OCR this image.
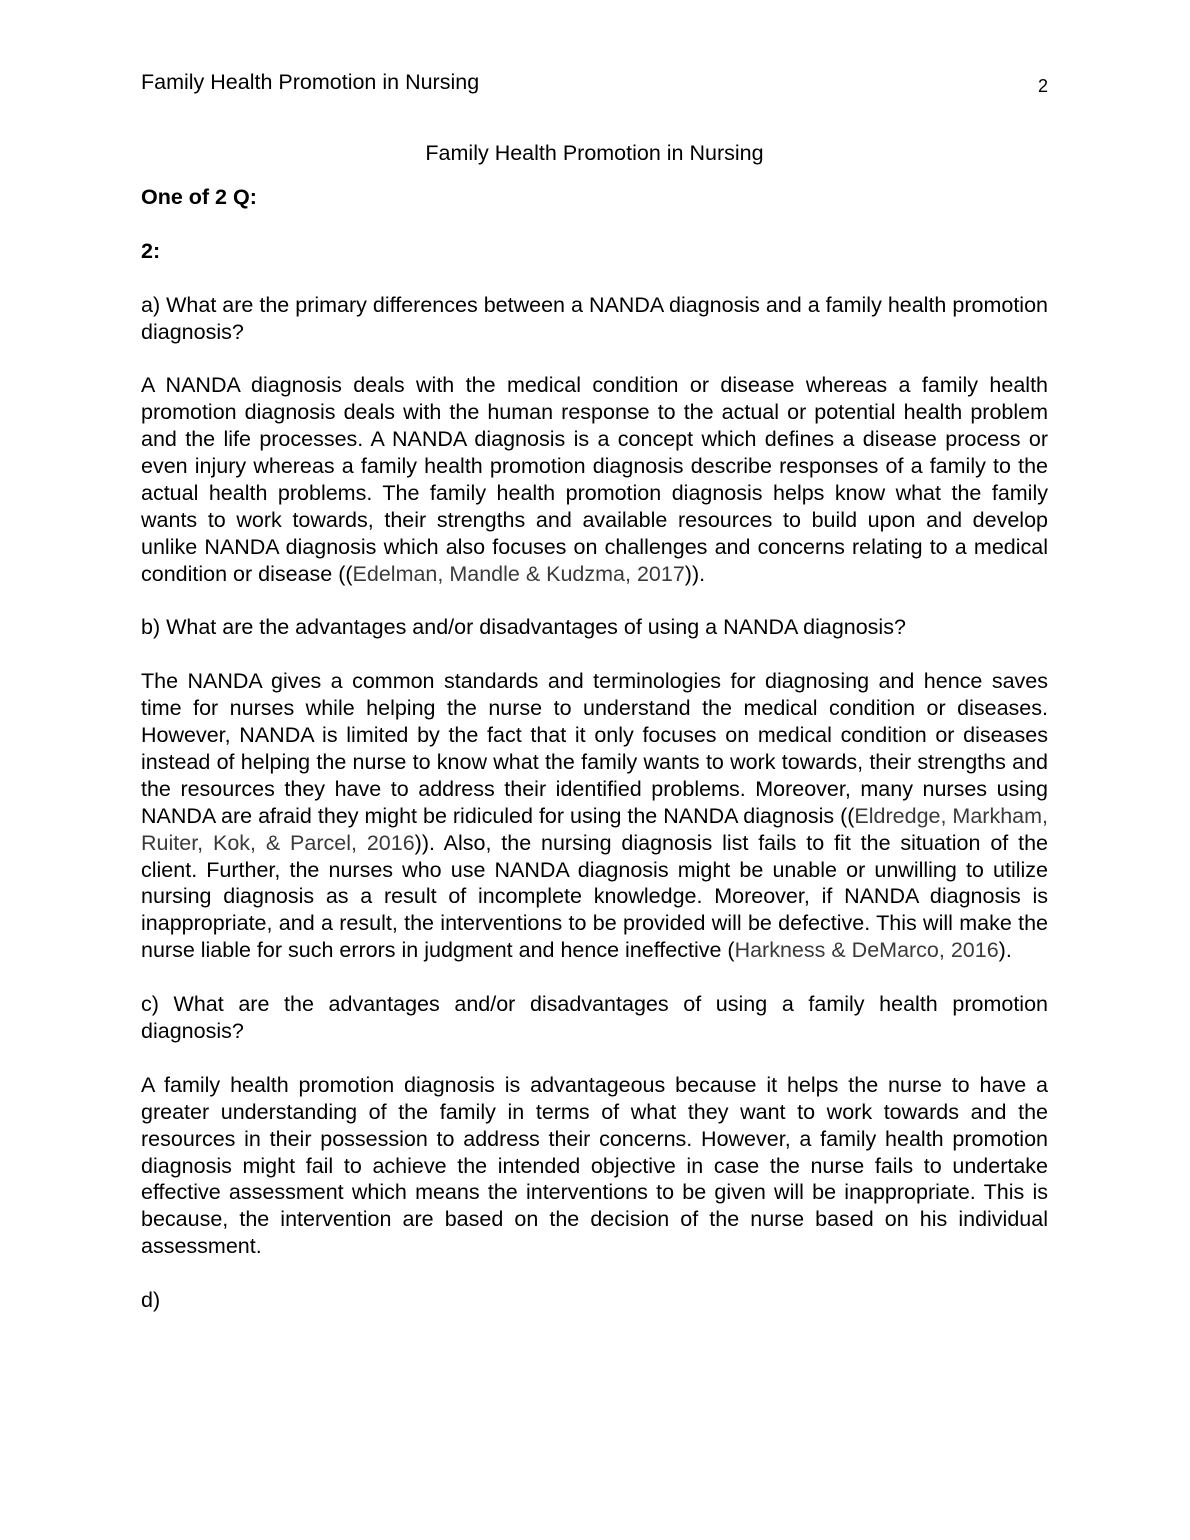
Family Health Promotion in Nursing	2
Family Health Promotion in Nursing

One of 2 Q:

2:

a) What are the primary differences between a NANDA diagnosis and a family health promotion diagnosis?

A NANDA diagnosis deals with the medical condition or disease whereas a family health promotion diagnosis deals with the human response to the actual or potential health problem and the life processes. A NANDA diagnosis is a concept which defines a disease process or even injury whereas a family health promotion diagnosis describe responses of a family to the actual health problems. The family health promotion diagnosis helps know what the family wants to work towards, their strengths and available resources to build upon and develop unlike NANDA diagnosis which also focuses on challenges and concerns relating to a medical condition or disease ((Edelman, Mandle & Kudzma, 2017)).

b) What are the advantages and/or disadvantages of using a NANDA diagnosis?

The NANDA gives a common standards and terminologies for diagnosing and hence saves time for nurses while helping the nurse to understand the medical condition or diseases. However, NANDA is limited by the fact that it only focuses on medical condition or diseases instead of helping the nurse to know what the family wants to work towards, their strengths and the resources they have to address their identified problems. Moreover, many nurses using NANDA are afraid they might be ridiculed for using the NANDA diagnosis ((Eldredge, Markham, Ruiter, Kok, & Parcel, 2016)). Also, the nursing diagnosis list fails to fit the situation of the client. Further, the nurses who use NANDA diagnosis might be unable or unwilling to utilize nursing diagnosis as a result of incomplete knowledge. Moreover, if NANDA diagnosis is inappropriate, and a result, the interventions to be provided will be defective. This will make the nurse liable for such errors in judgment and hence ineffective (Harkness & DeMarco, 2016).

c) What are the advantages and/or disadvantages of using a family health promotion diagnosis?

A family health promotion diagnosis is advantageous because it helps the nurse to have a greater understanding of the family in terms of what they want to work towards and the resources in their possession to address their concerns. However, a family health promotion diagnosis might fail to achieve the intended objective in case the nurse fails to undertake effective assessment which means the interventions to be given will be inappropriate. This is because, the intervention are based on the decision of the nurse based on his individual assessment.

d)
